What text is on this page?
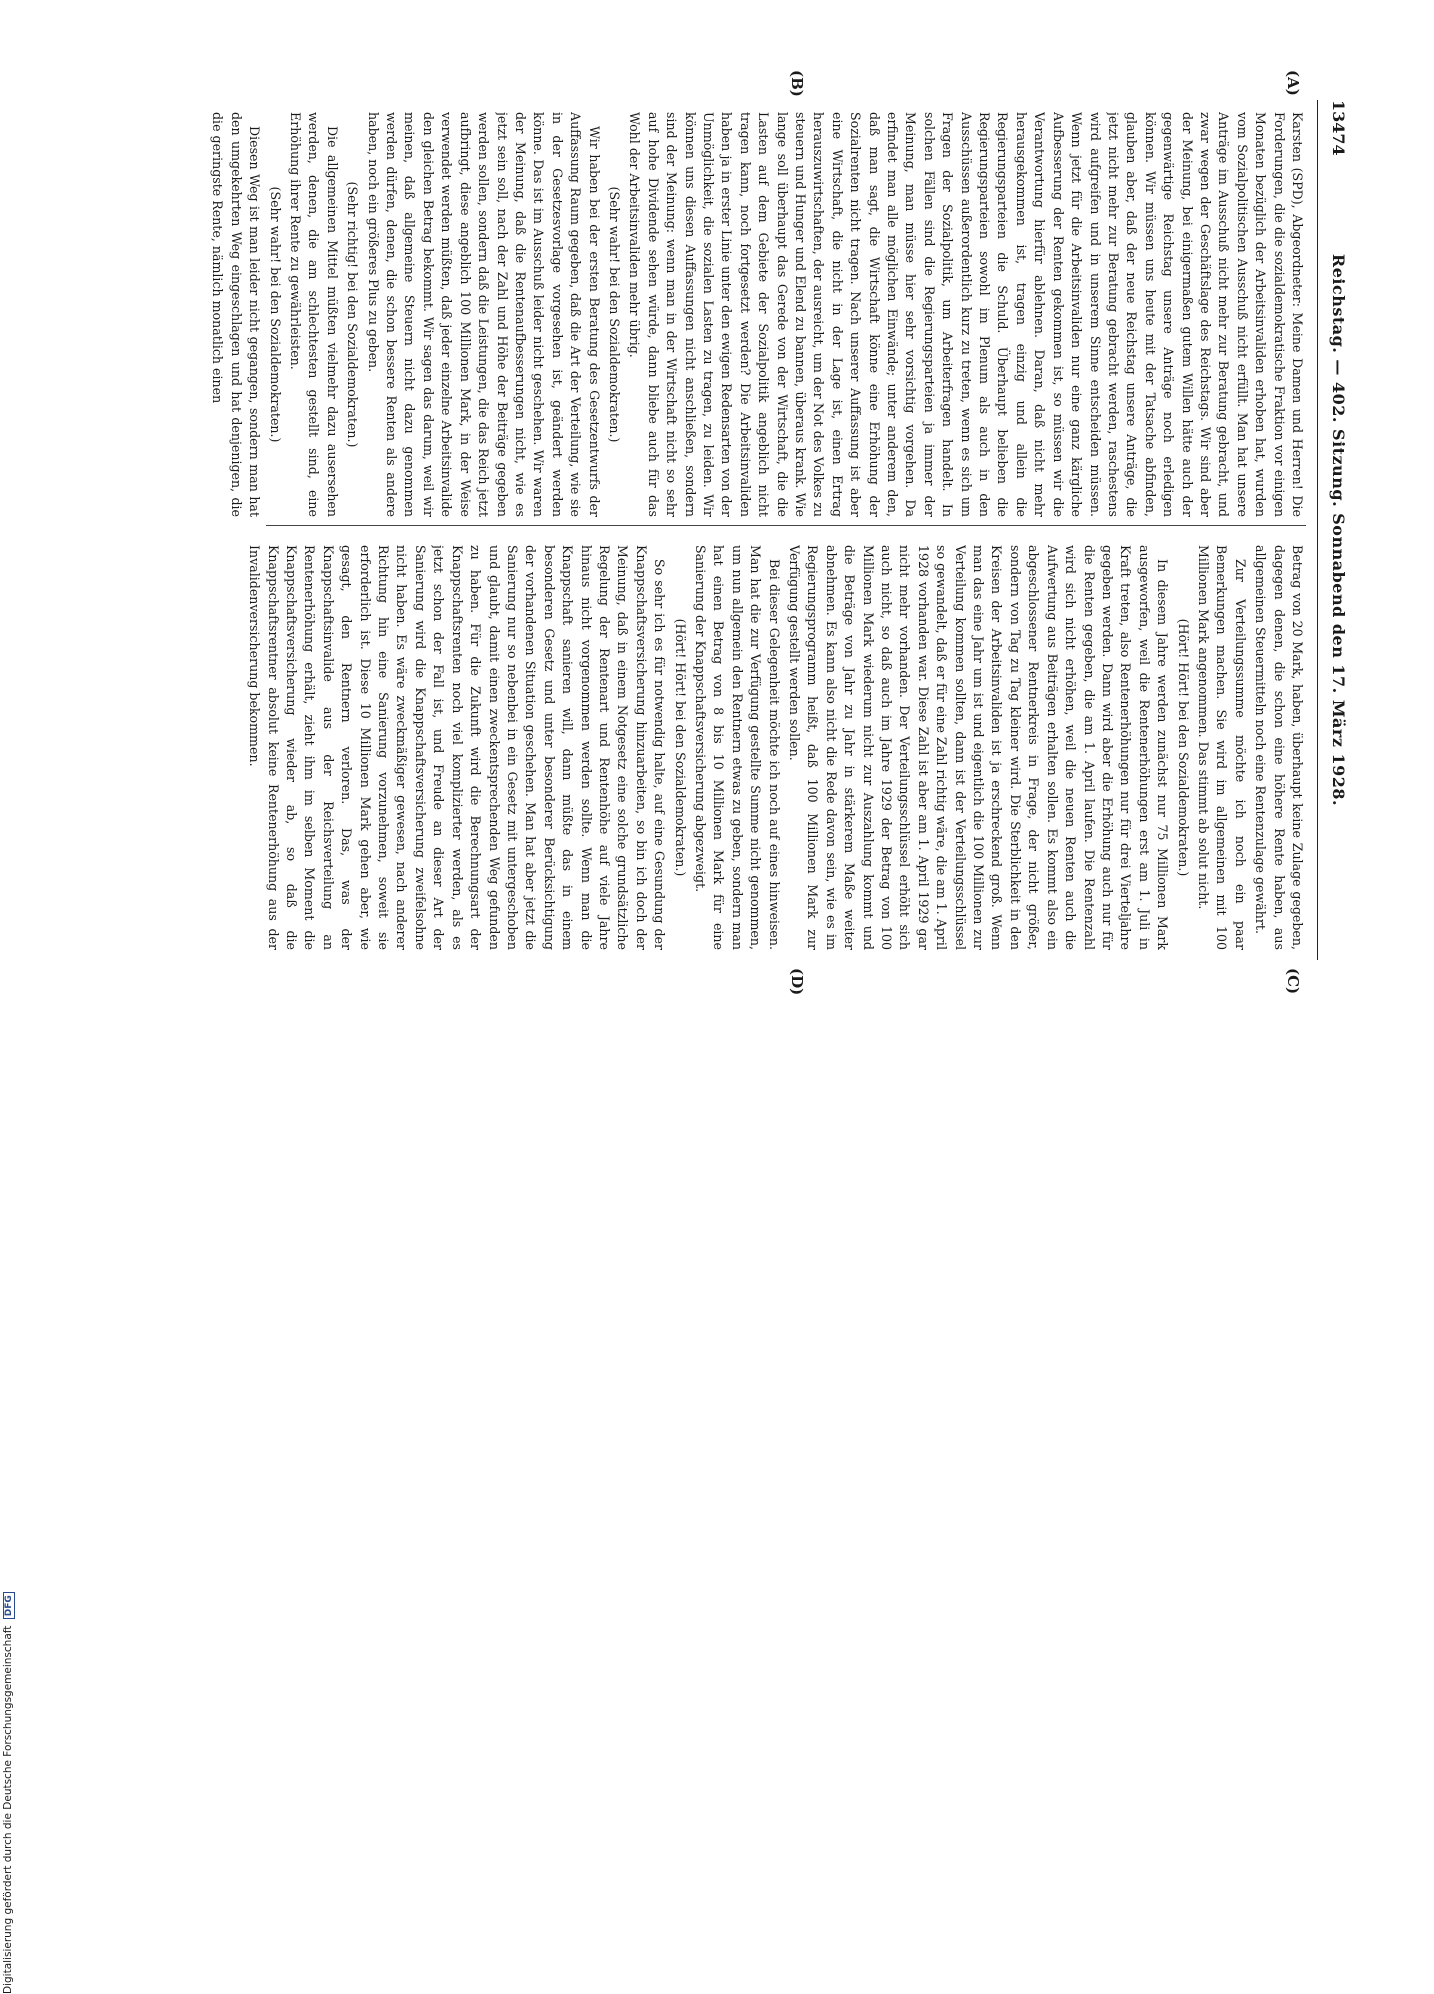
13474
Reichstag. — 402. Sitzung. Sonnabend den 17. März 1928.
(A)
(B)
(C)
(D)

Karsten (SPD), Abgeordneter: Meine Damen und Herren! Die Forderungen, die die sozialdemokratische Fraktion vor einigen Monaten bezüglich der Arbeitsinvaliden erhoben hat, wurden vom Sozialpolitischen Ausschuß nicht erfüllt. Man hat unsere Anträge im Ausschuß nicht mehr zur Beratung gebracht, und zwar wegen der Geschäftslage des Reichstags. Wir sind aber der Meinung, bei einigermaßen gutem Willen hätte auch der gegenwärtige Reichstag unsere Anträge noch erledigen können. Wir müssen uns heute mit der Tatsache abfinden, glauben aber, daß der neue Reichstag unsere Anträge, die jetzt nicht mehr zur Beratung gebracht werden, raschestens wird aufgreifen und in unserem Sinne entscheiden müssen. Wenn jetzt für die Arbeitsinvaliden nur eine ganz kärgliche Aufbesserung der Renten gekommen ist, so müssen wir die Verantwortung hierfür ablehnen. Daran, daß nicht mehr herausgekommen ist, tragen einzig und allein die Regierungsparteien die Schuld. Überhaupt belieben die Regierungsparteien sowohl im Plenum als auch in den Ausschüssen außerordentlich kurz zu treten, wenn es sich um Fragen der Sozialpolitik, um Arbeiterfragen handelt. In solchen Fällen sind die Regierungsparteien ja immer der Meinung, man müsse hier sehr vorsichtig vorgehen. Da erfindet man alle möglichen Einwände; unter anderem den, daß man sagt, die Wirtschaft könne eine Erhöhung der Sozialrenten nicht tragen. Nach unserer Auffassung ist aber eine Wirtschaft, die nicht in der Lage ist, einen Ertrag herauszuwirtschaften, der ausreicht, um der Not des Volkes zu steuern und Hunger und Elend zu bannen, überaus krank. Wie lange soll überhaupt das Gerede von der Wirtschaft, die die Lasten auf dem Gebiete der Sozialpolitik angeblich nicht tragen kann, noch fortgesetzt werden? Die Arbeitsinvaliden haben ja in erster Linie unter den ewigen Redensarten von der Unmöglichkeit, die sozialen Lasten zu tragen, zu leiden. Wir können uns diesen Auffassungen nicht anschließen, sondern sind der Meinung: wenn man in der Wirtschaft nicht so sehr auf hohe Dividende sehen würde, dann bliebe auch für das Wohl der Arbeitsinvaliden mehr übrig.

(Sehr wahr! bei den Sozialdemokraten.)

Wir haben bei der ersten Beratung des Gesetzentwurfs der Auffassung Raum gegeben, daß die Art der Verteilung, wie sie in der Gesetzesvorlage vorgesehen ist, geändert werden könne. Das ist im Ausschuß leider nicht geschehen. Wir waren der Meinung, daß die Rentenaufbesserungen nicht, wie es jetzt sein soll, nach der Zahl und Höhe der Beiträge gegeben werden sollen, sondern daß die Leistungen, die das Reich jetzt aufbringt, diese angeblich 100 Millionen Mark, in der Weise verwendet werden müßten, daß jeder einzelne Arbeitsinvalide den gleichen Betrag bekommt. Wir sagen das darum, weil wir meinen, daß allgemeine Steuern nicht dazu genommen werden dürfen, denen, die schon bessere Renten als andere haben, noch ein größeres Plus zu geben.

(Sehr richtig! bei den Sozialdemokraten.)

Die allgemeinen Mittel müßten vielmehr dazu ausersehen werden, denen, die am schlechtesten gestellt sind, eine Erhöhung ihrer Rente zu gewährleisten.

(Sehr wahr! bei den Sozialdemokraten.)

Diesen Weg ist man leider nicht gegangen, sondern man hat den umgekehrten Weg eingeschlagen und hat denjenigen, die die geringste Rente, nämlich monatlich einen

Betrag von 20 Mark, haben, überhaupt keine Zulage gegeben, dagegen denen, die schon eine höhere Rente haben, aus allgemeinen Steuermitteln noch eine Rentenzulage gewährt.

Zur Verteilungssumme möchte ich noch ein paar Bemerkungen machen. Sie wird im allgemeinen mit 100 Millionen Mark angenommen. Das stimmt ab solut nicht.

(Hört! Hört! bei den Sozialdemokraten.)

In diesem Jahre werden zunächst nur 75 Millionen Mark ausgeworfen, weil die Rentenerhöhungen erst am 1. Juli in Kraft treten, also Rentenerhöhungen nur für drei Vierteljahre gegeben werden. Dann wird aber die Erhöhung auch nur für die Renten gegeben, die am 1. April laufen. Die Rentenzahl wird sich nicht erhöhen, weil die neuen Renten auch die Aufwertung aus Beiträgen erhalten sollen. Es kommt also ein abgeschlossener Rentnerkreis in Frage, der nicht größer, sondern von Tag zu Tag kleiner wird. Die Sterblichkeit in den Kreisen der Arbeitsinvaliden ist ja erschreckend groß. Wenn man das eine Jahr um ist und eigentlich die 100 Millionen zur Verteilung kommen sollten, dann ist der Verteilungsschlüssel so gewandelt, daß er für eine Zahl richtig wäre, die am 1. April 1928 vorhanden war. Diese Zahl ist aber am 1. April 1929 gar nicht mehr vorhanden. Der Verteilungsschlüssel erhöht sich auch nicht, so daß auch im Jahre 1929 der Betrag von 100 Millionen Mark wiederum nicht zur Auszahlung kommt und die Beträge von Jahr zu Jahr in stärkerem Maße weiter abnehmen. Es kann also nicht die Rede davon sein, wie es im Regierungsprogramm heißt, daß 100 Millionen Mark zur Verfügung gestellt werden sollen.

Bei dieser Gelegenheit möchte ich noch auf eines hinweisen. Man hat die zur Verfügung gestellte Summe nicht genommen, um nun allgemein den Rentnern etwas zu geben, sondern man hat einen Betrag von 8 bis 10 Millionen Mark für eine Sanierung der Knappschaftsversicherung abgezweigt.

(Hört! Hört! bei den Sozialdemokraten.)

So sehr ich es für notwendig halte, auf eine Gesundung der Knappschaftsversicherung hinzuarbeiten, so bin ich doch der Meinung, daß in einem Notgesetz eine solche grundsätzliche Regelung der Rentenart und Rentenhöhe auf viele Jahre hinaus nicht vorgenommen werden sollte. Wenn man die Knappschaft sanieren will, dann müßte das in einem besonderen Gesetz und unter besonderer Berücksichtigung der vorhandenen Situation geschehen. Man hat aber jetzt die Sanierung nur so nebenbei in ein Gesetz mit untergeschoben und glaubt, damit einen zweckentsprechenden Weg gefunden zu haben. Für die Zukunft wird die Berechnungsart der Knappschaftsrenten noch viel komplizierter werden, als es jetzt schon der Fall ist, und Freude an dieser Art der Sanierung wird die Knappschaftsversicherung zweifelsohne nicht haben. Es wäre zweckmäßiger gewesen, nach anderer Richtung hin eine Sanierung vorzunehmen, soweit sie erforderlich ist. Diese 10 Millionen Mark gehen aber, wie gesagt, den Rentnern verloren. Das, was der Knappschaftsinvalide aus der Reichsverteilung an Rentenerhöhung erhält, zieht ihm im selben Moment die Knappschaftsversicherung wieder ab, so daß die Knappschaftsrentner absolut keine Rentenerhöhung aus der Invalidenversicherung bekommen.

Digitalisierung gefördert durch die Deutsche Forschungsgemeinschaft DFG
